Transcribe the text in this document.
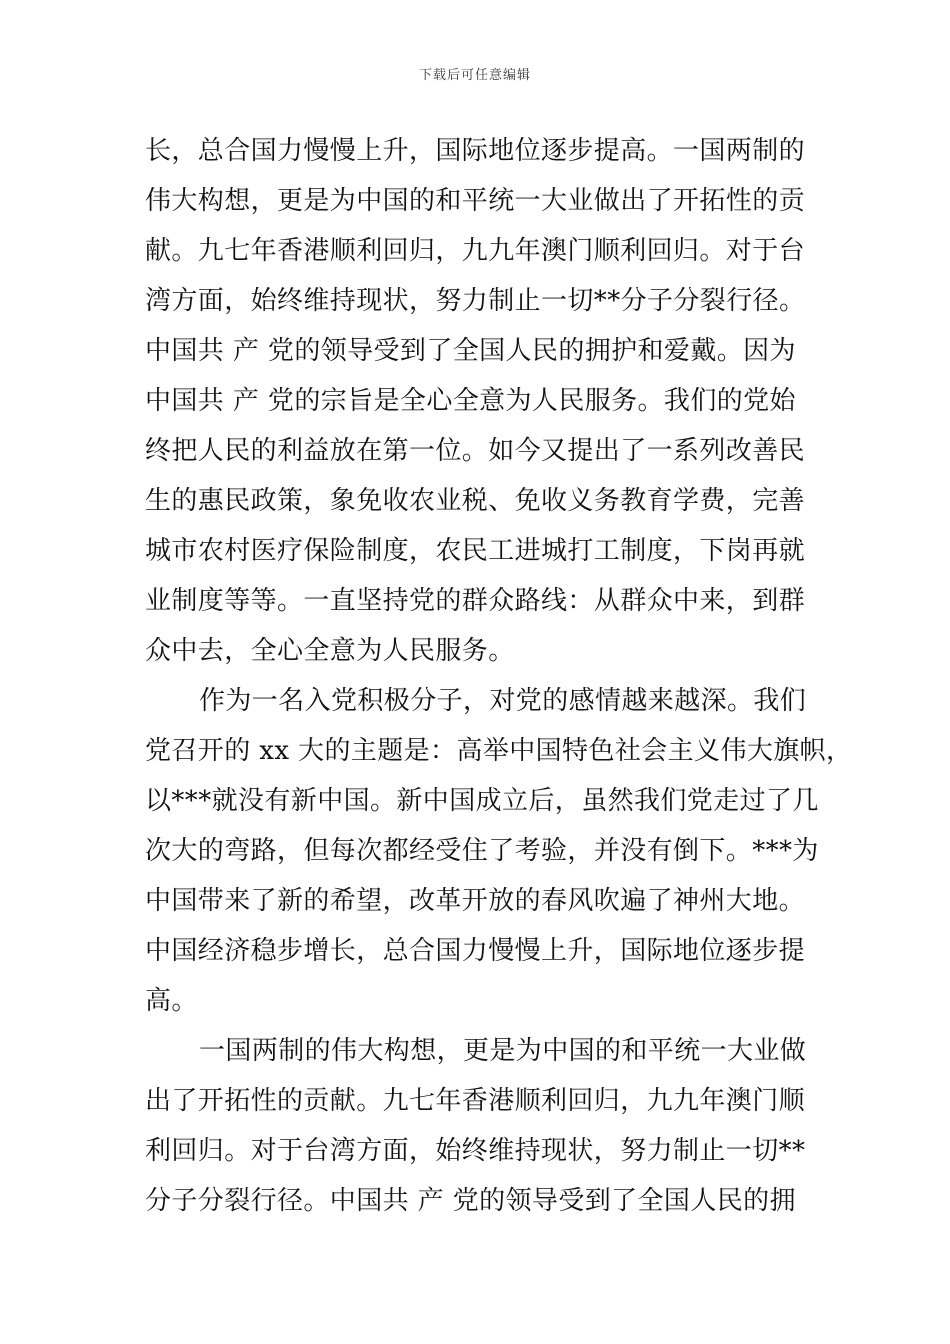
下载后可任意编辑
长，总合国力慢慢上升，国际地位逐步提高。一国两制的
伟大构想，更是为中国的和平统一大业做出了开拓性的贡
献。九七年香港顺利回归，九九年澳门顺利回归。对于台
湾方面，始终维持现状，努力制止一切**分子分裂行径。
中国共 产 党的领导受到了全国人民的拥护和爱戴。因为
中国共 产 党的宗旨是全心全意为人民服务。我们的党始
终把人民的利益放在第一位。如今又提出了一系列改善民
生的惠民政策，象免收农业税、免收义务教育学费，完善
城市农村医疗保险制度，农民工进城打工制度，下岗再就
业制度等等。一直坚持党的群众路线：从群众中来，到群
众中去，全心全意为人民服务。
作为一名入党积极分子，对党的感情越来越深。我们
党召开的 xx 大的主题是：高举中国特色社会主义伟大旗帜，
以***就没有新中国。新中国成立后，虽然我们党走过了几
次大的弯路，但每次都经受住了考验，并没有倒下。***为
中国带来了新的希望，改革开放的春风吹遍了神州大地。
中国经济稳步增长，总合国力慢慢上升，国际地位逐步提
高。
一国两制的伟大构想，更是为中国的和平统一大业做
出了开拓性的贡献。九七年香港顺利回归，九九年澳门顺
利回归。对于台湾方面，始终维持现状，努力制止一切**
分子分裂行径。中国共 产 党的领导受到了全国人民的拥
